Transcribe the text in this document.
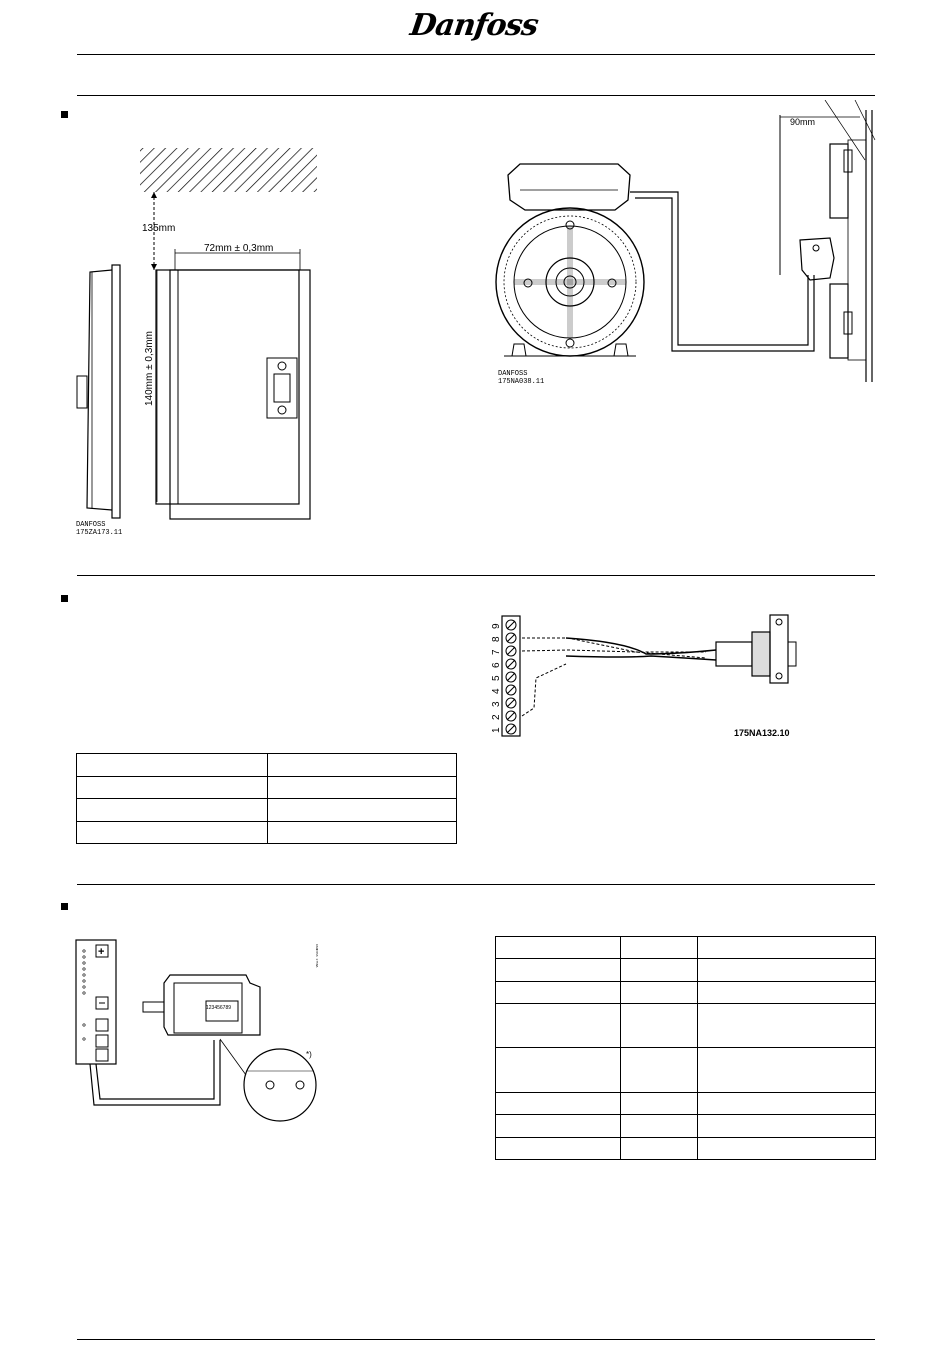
Danfoss
135mm
72mm ± 0,3mm
140mm ± 0,3mm
DANFOSS
175ZA173.11
90mm
DANFOSS
175NA038.11
9
8
7
6
5
4
3
2
1	175NA132.10

+
123456789
*)
DANFOSS 175NA
